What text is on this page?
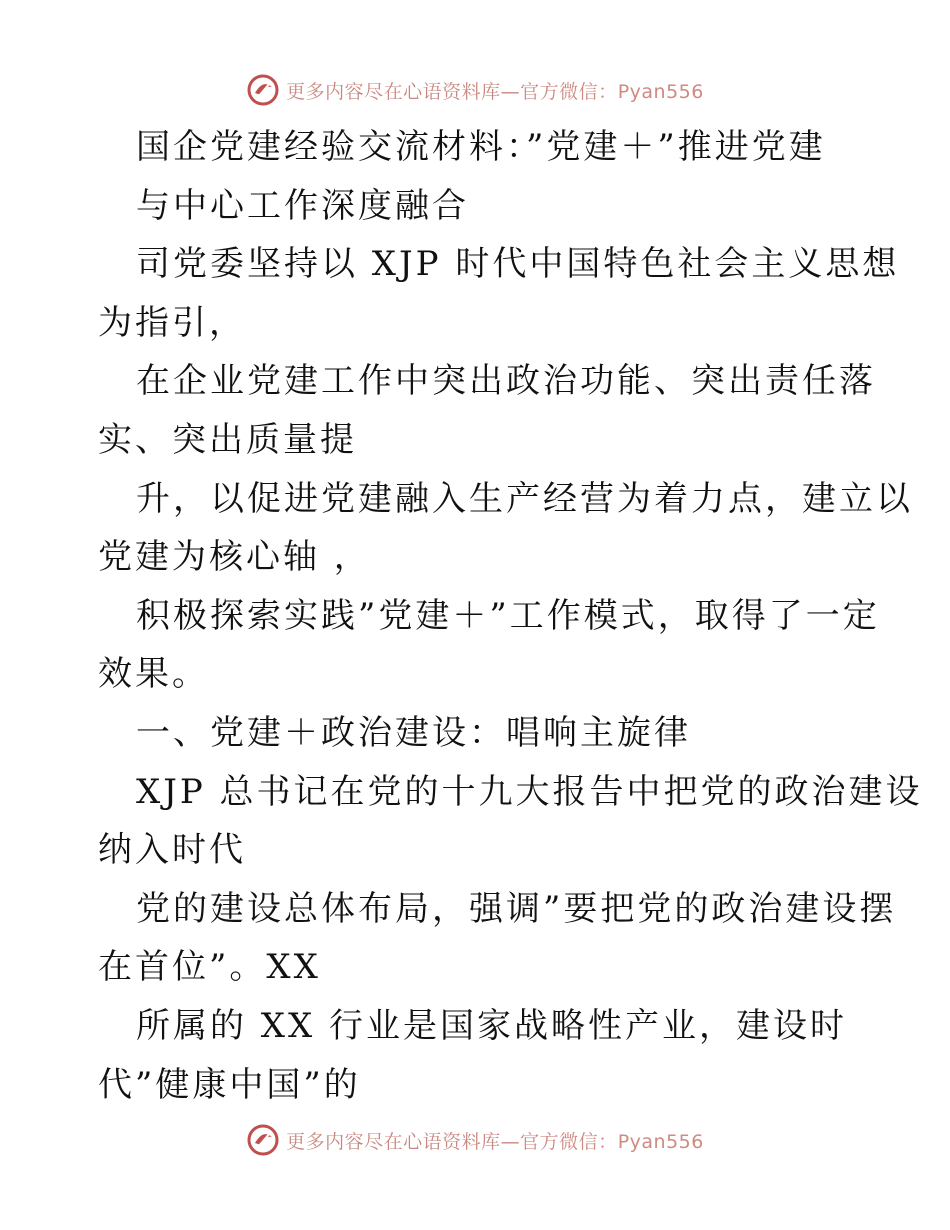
更多内容尽在心语资料库—官方微信：Pyan556
国企党建经验交流材料：”党建＋”推进党建
与中心工作深度融合
司党委坚持以 XJP 时代中国特色社会主义思想
为指引，
在企业党建工作中突出政治功能、突出责任落
实、突出质量提
升，以促进党建融入生产经营为着力点，建立以
党建为核心轴 ，
积极探索实践”党建＋”工作模式，取得了一定
效果。
一、党建＋政治建设：唱响主旋律
XJP 总书记在党的十九大报告中把党的政治建设
纳入时代
党的建设总体布局，强调”要把党的政治建设摆
在首位”。XX
所属的 XX 行业是国家战略性产业，建设时
代”健康中国”的
更多内容尽在心语资料库—官方微信：Pyan556
